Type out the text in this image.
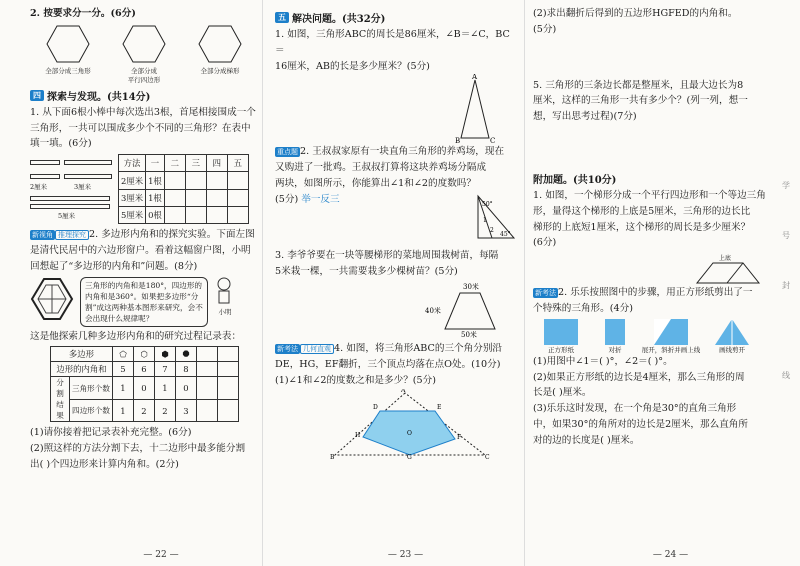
2. 按要求分一分。(6分)
全部分成三角形	全部分成
平行四边形
全部分成梯形
四 探索与发现。(共14分)
1. 从下面6根小棒中每次选出3根，首尾相接围成一个
三角形，一共可以围成多少个不同的三角形？在表中
填一填。(6分)
2厘米	3厘米
5厘米
方法	一	二	三	四	五
2厘米	1根				
3厘米	1根				
5厘米	0根				
新视角 推理探究 2. 多边形内角和的探究实验。下面左图
是清代民居中的六边形窗户。看着这幅窗户图，小明
回想起了“多边形的内角和”问题。(8分)
三角形的内角和是180°，四边形的内角和是360°。如果把多边形“分割”成这两种基本图形来研究，会不会出现什么规律呢？
小明
这是他探索几种多边形内角和的研究过程记录表：
多边形		⬠	⬡	⬢	⯃		
边形的内角和		5	6	7	8		
分割结果	三角形个数	1	0	1	0		
	四边形个数	1	2	2	3		
(1)请你接着把记录表补充完整。(6分)
(2)照这样的方法分割下去，十二边形中最多能分割
出( )个四边形来计算内角和。(2分)
— 22 —
五 解决问题。(共32分)
1. 如图，三角形ABC的周长是86厘米，∠B＝∠C，BC＝
16厘米，AB的长是多少厘米？(5分)
A
B	C
重点题 2. 王叔叔家原有一块直角三角形的养鸡场，现在
又购进了一批鸡。王叔叔打算将这块养鸡场分隔成
两块，如图所示，你能算出∠1和∠2的度数吗？
(5分) 举一反三	50°
1
2
45°
3. 李爷爷要在一块等腰梯形的菜地周围栽树苗，每隔
5米栽一棵，一共需要栽多少棵树苗？(5分)
30米
40米
50米
新考法 几何直观 4. 如图，将三角形ABC的三个角分别沿
DE，HG，EF翻折，三个顶点均落在点O处。(10分)
(1)∠1和∠2的度数之和是多少？(5分)
A
B	C
D	E
F
G
H	O
— 23 —
(2)求出翻折后得到的五边形HGFED的内角和。
(5分)
5. 三角形的三条边长都是整厘米，且最大边长为8
厘米，这样的三角形一共有多少个？(列一列，想一
想，写出思考过程)(7分)
附加题。(共10分)
1. 如图，一个梯形分成一个平行四边形和一个等边三角
形，量得这个梯形的上底是5厘米，三角形的边长比
梯形的上底短1厘米，这个梯形的周长是多少厘米？
(6分)
上底
新考法 2. 乐乐按照图中的步骤，用正方形纸剪出了一
个特殊的三角形。(4分)
正方形纸	对折	展开，斜折并画上线	画线剪开
(1)用图中∠1＝( )°，∠2＝( )°。
(2)如果正方形纸的边长是4厘米，那么三角形的周
长是( )厘米。
(3)乐乐这时发现，在一个角是30°的直角三角形
中，如果30°的角所对的边长是2厘米，那么直角所
对的边的长度是( )厘米。
— 24 —
学
号
封
线
